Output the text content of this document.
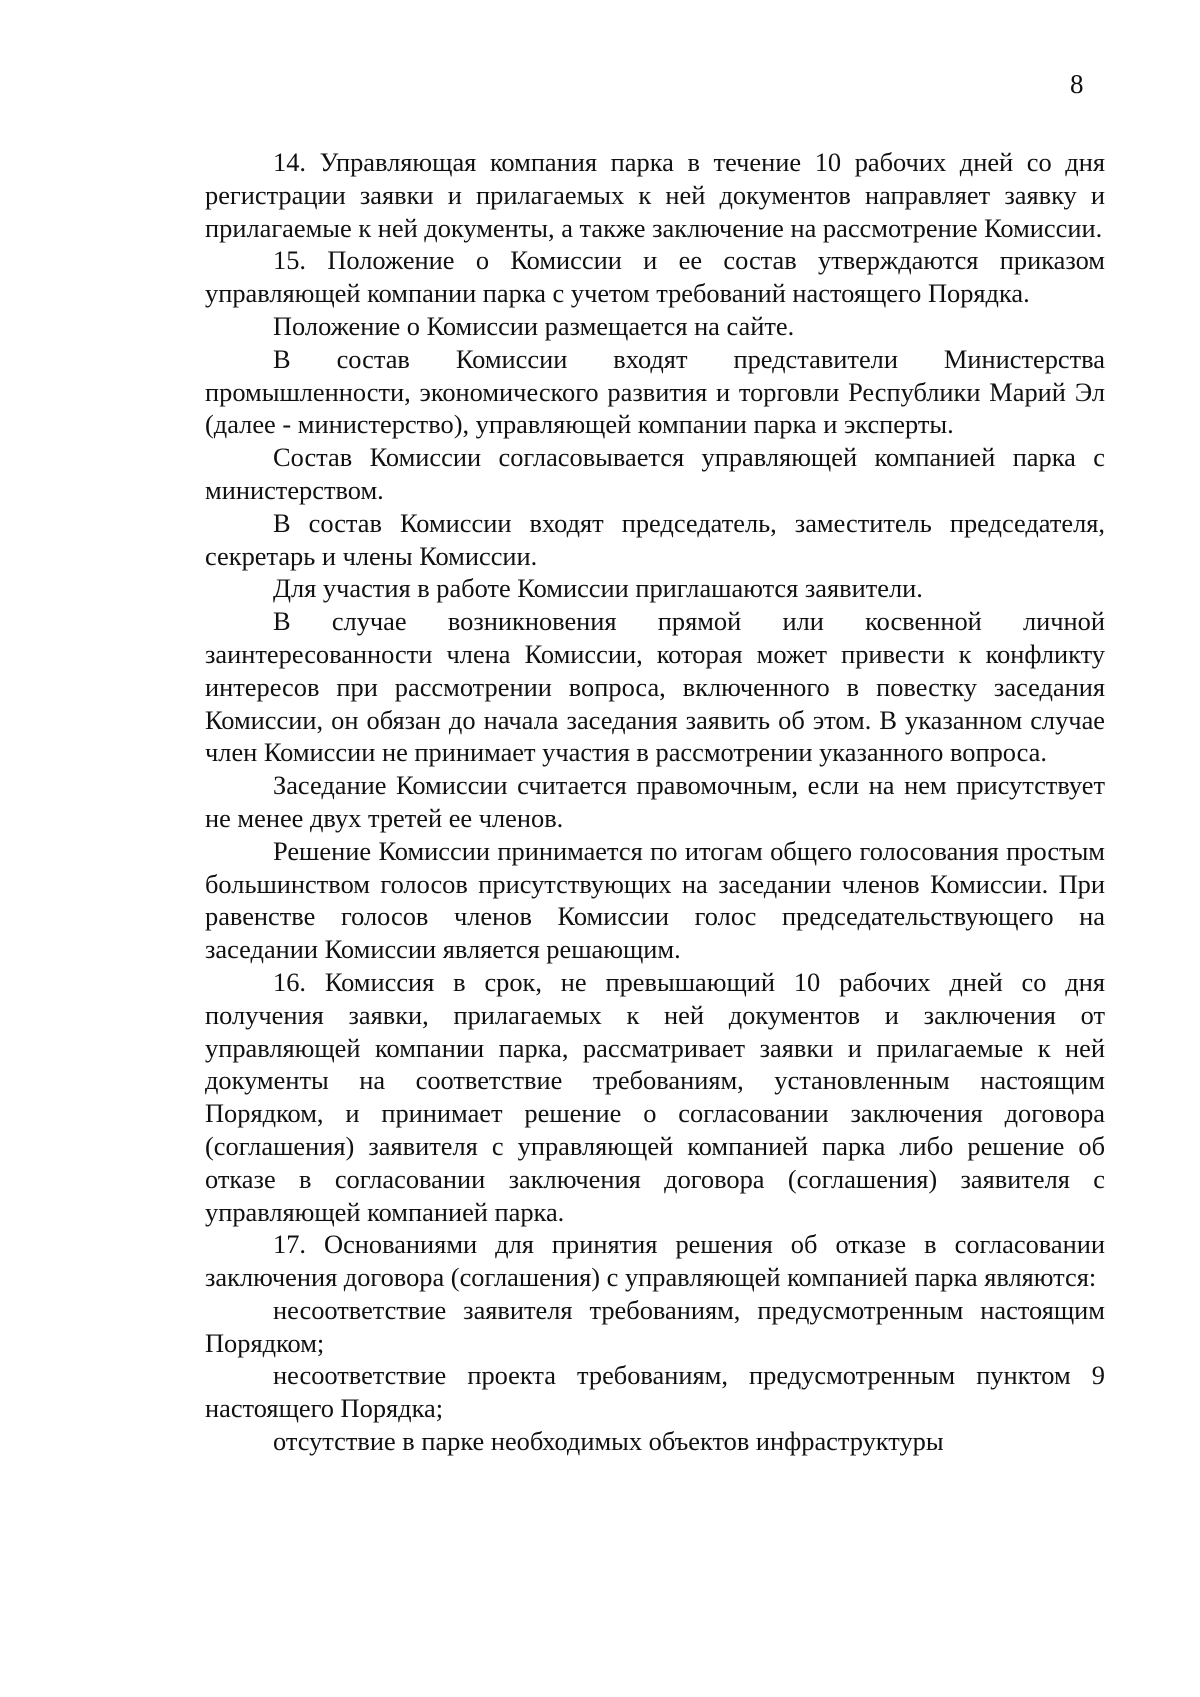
8

14. Управляющая компания парка в течение 10 рабочих дней со дня регистрации заявки и прилагаемых к ней документов направляет заявку и прилагаемые к ней документы, а также заключение на рассмотрение Комиссии.

15. Положение о Комиссии и ее состав утверждаются приказом управляющей компании парка с учетом требований настоящего Порядка.

Положение о Комиссии размещается на сайте.

В состав Комиссии входят представители Министерства промышленности, экономического развития и торговли Республики Марий Эл (далее - министерство), управляющей компании парка и эксперты.

Состав Комиссии согласовывается управляющей компанией парка с министерством.

В состав Комиссии входят председатель, заместитель председателя, секретарь и члены Комиссии.

Для участия в работе Комиссии приглашаются заявители.

В случае возникновения прямой или косвенной личной заинтересованности члена Комиссии, которая может привести к конфликту интересов при рассмотрении вопроса, включенного в повестку заседания Комиссии, он обязан до начала заседания заявить об этом. В указанном случае член Комиссии не принимает участия в рассмотрении указанного вопроса.

Заседание Комиссии считается правомочным, если на нем присутствует не менее двух третей ее членов.

Решение Комиссии принимается по итогам общего голосования простым большинством голосов присутствующих на заседании членов Комиссии. При равенстве голосов членов Комиссии голос председательствующего на заседании Комиссии является решающим.

16. Комиссия в срок, не превышающий 10 рабочих дней со дня получения заявки, прилагаемых к ней документов и заключения от управляющей компании парка, рассматривает заявки и прилагаемые к ней документы на соответствие требованиям, установленным настоящим Порядком, и принимает решение о согласовании заключения договора (соглашения) заявителя с управляющей компанией парка либо решение об отказе в согласовании заключения договора (соглашения) заявителя с управляющей компанией парка.

17. Основаниями для принятия решения об отказе в согласовании заключения договора (соглашения) с управляющей компанией парка являются:

несоответствие заявителя требованиям, предусмотренным настоящим Порядком;

несоответствие проекта требованиям, предусмотренным пунктом 9 настоящего Порядка;

отсутствие в парке необходимых объектов инфраструктуры
